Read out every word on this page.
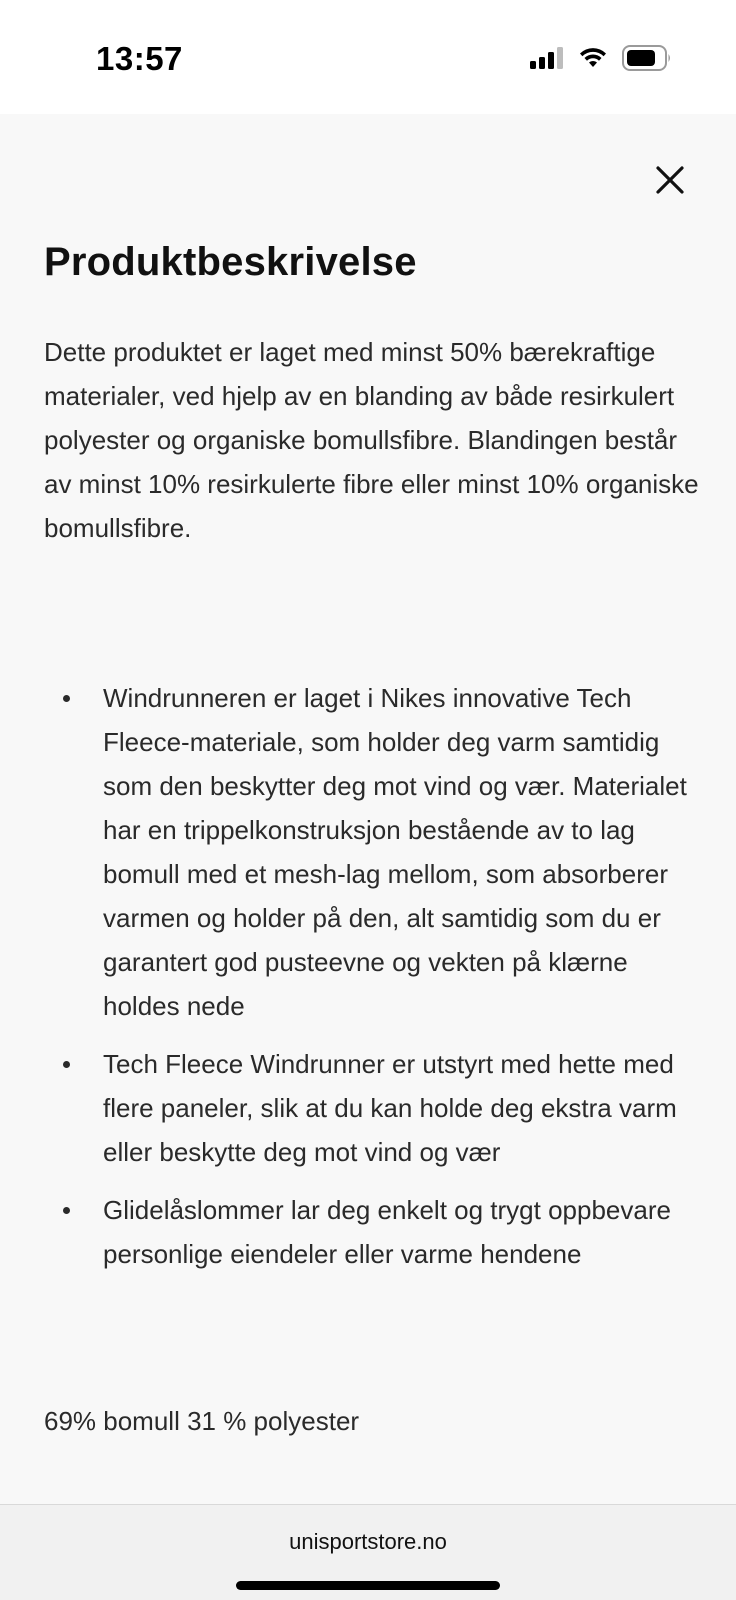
13:57
Produktbeskrivelse

Dette produktet er laget med minst 50% bærekraftige materialer, ved hjelp av en blanding av både resirkulert polyester og organiske bomullsfibre. Blandingen består av minst 10% resirkulerte fibre eller minst 10% organiske bomullsfibre.

Windrunneren er laget i Nikes innovative Tech Fleece-materiale, som holder deg varm samtidig som den beskytter deg mot vind og vær. Materialet har en trippelkonstruksjon bestående av to lag bomull med et mesh-lag mellom, som absorberer varmen og holder på den, alt samtidig som du er garantert god pusteevne og vekten på klærne holdes nede
Tech Fleece Windrunner er utstyrt med hette med flere paneler, slik at du kan holde deg ekstra varm eller beskytte deg mot vind og vær
Glidelåslommer lar deg enkelt og trygt oppbevare personlige eiendeler eller varme hendene

69% bomull 31 % polyester

unisportstore.no
